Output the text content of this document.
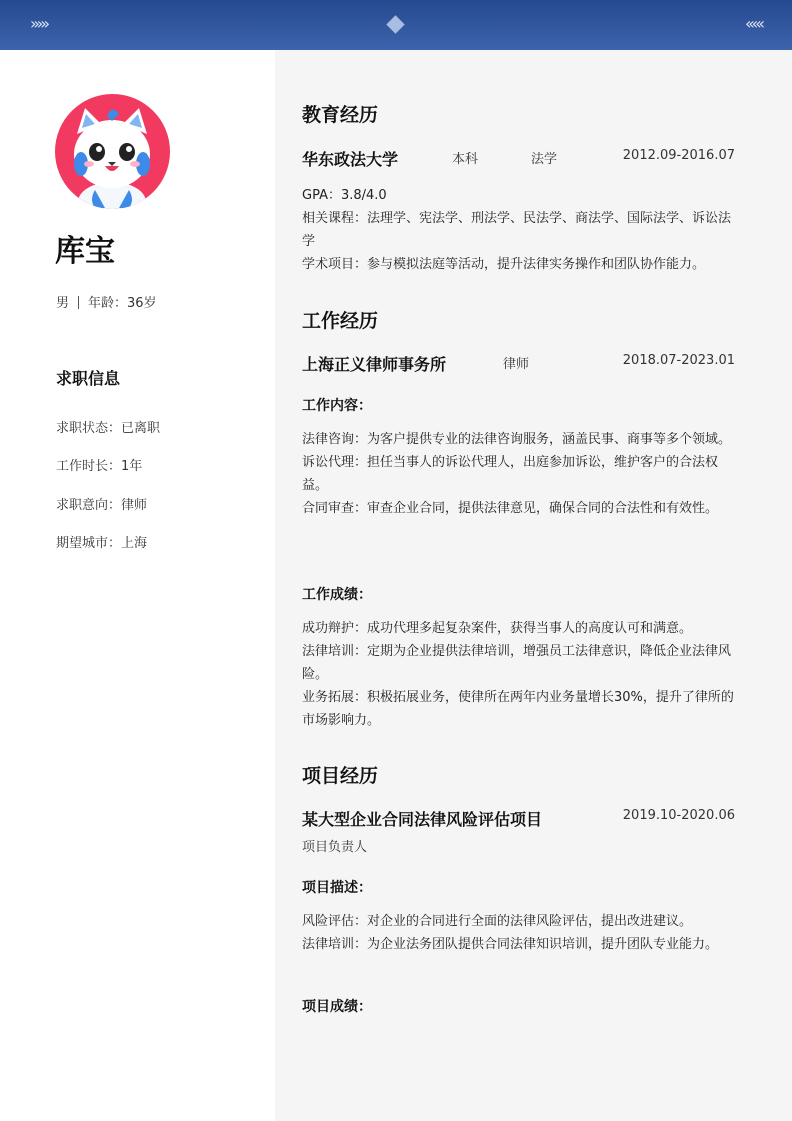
›››››	‹‹‹‹‹
库宝
男 年龄：36岁
求职信息
求职状态：已离职
工作时长：1年
求职意向：律师
期望城市：上海
教育经历
华东政法大学	本科	法学	2012.09-2016.07
GPA：3.8/4.0
相关课程：法理学、宪法学、刑法学、民法学、商法学、国际法学、诉讼法学
学术项目：参与模拟法庭等活动，提升法律实务操作和团队协作能力。
工作经历
上海正义律师事务所	律师	2018.07-2023.01
工作内容：
法律咨询：为客户提供专业的法律咨询服务，涵盖民事、商事等多个领域。
诉讼代理：担任当事人的诉讼代理人，出庭参加诉讼，维护客户的合法权益。
合同审查：审查企业合同，提供法律意见，确保合同的合法性和有效性。
工作成绩：
成功辩护：成功代理多起复杂案件，获得当事人的高度认可和满意。
法律培训：定期为企业提供法律培训，增强员工法律意识，降低企业法律风险。
业务拓展：积极拓展业务，使律所在两年内业务量增长30%，提升了律所的市场影响力。
项目经历
某大型企业合同法律风险评估项目	2019.10-2020.06
项目负责人
项目描述：
风险评估：对企业的合同进行全面的法律风险评估，提出改进建议。
法律培训：为企业法务团队提供合同法律知识培训，提升团队专业能力。
项目成绩：
